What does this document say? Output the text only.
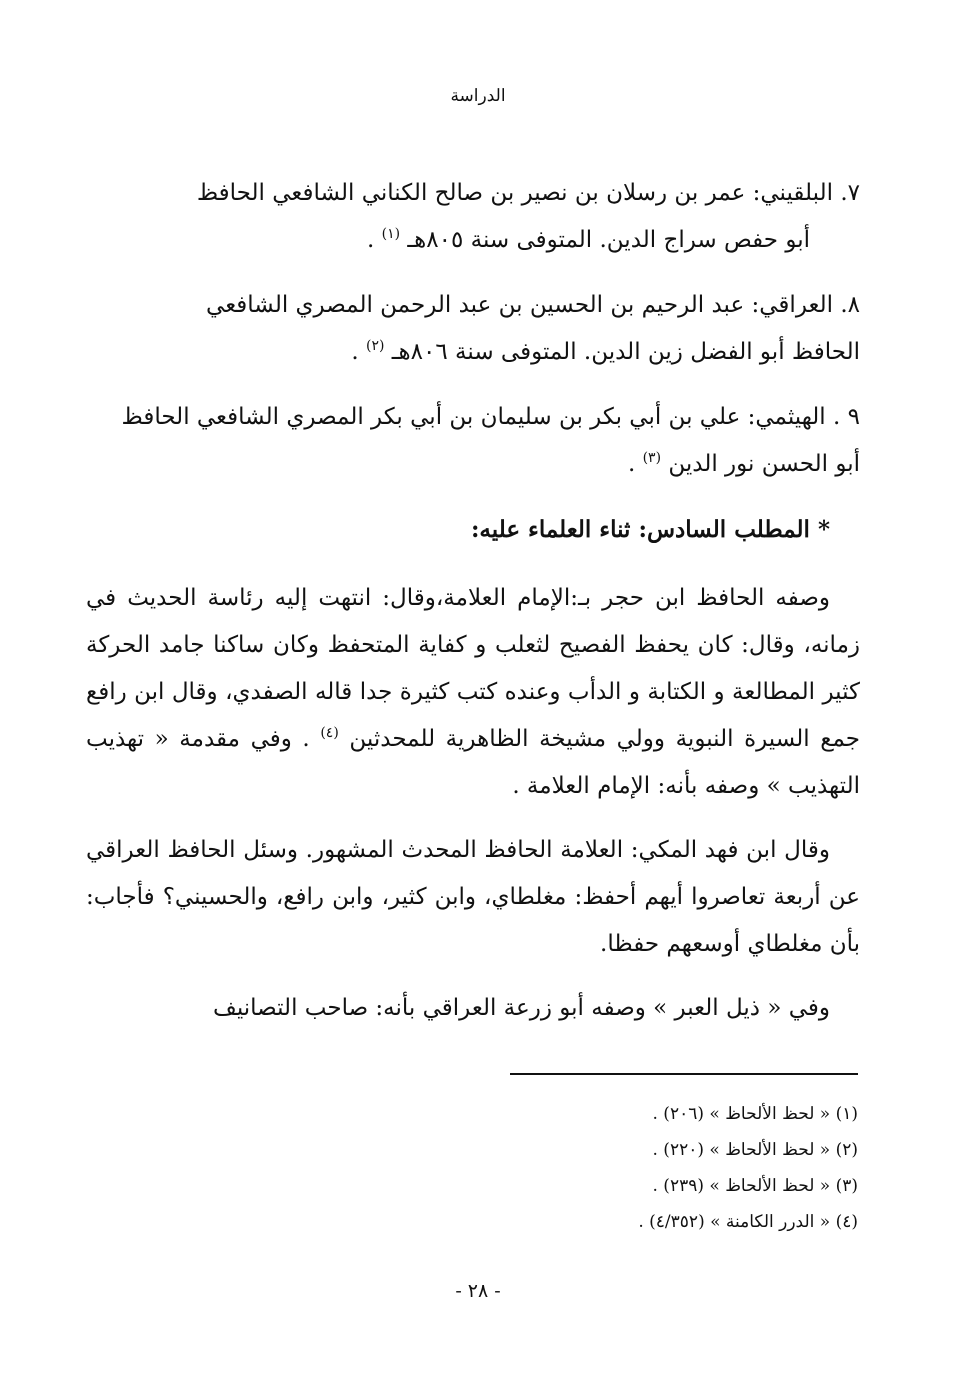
الدراسة
٧. البلقيني: عمر بن رسلان بن نصير بن صالح الكناني الشافعي الحافظ
أبو حفص سراج الدين. المتوفى سنة ٨٠٥هـ $^{(١)}$ .
٨. العراقي: عبد الرحيم بن الحسين بن عبد الرحمن المصري الشافعي
الحافظ أبو الفضل زين الدين. المتوفى سنة ٨٠٦هـ $^{(٢)}$ .
٩ . الهيثمي: علي بن أبي بكر بن سليمان بن أبي بكر المصري الشافعي الحافظ
أبو الحسن نور الدين $^{(٣)}$ .
* المطلب السادس: ثناء العلماء عليه:
وصفه الحافظ ابن حجر بـ:الإمام العلامة،وقال: انتهت إليه رئاسة الحديث في زمانه، وقال: كان يحفظ الفصيح لثعلب و كفاية المتحفظ وكان ساكنا جامد الحركة كثير المطالعة و الكتابة و الدأب وعنده كتب كثيرة جدا قاله الصفدي، وقال ابن رافع جمع السيرة النبوية وولي مشيخة الظاهرية للمحدثين $^{(٤)}$ . وفي مقدمة « تهذيب التهذيب » وصفه بأنه: الإمام العلامة .
وقال ابن فهد المكي: العلامة الحافظ المحدث المشهور. وسئل الحافظ العراقي عن أربعة تعاصروا أيهم أحفظ: مغلطاي، وابن كثير، وابن رافع، والحسيني؟ فأجاب: بأن مغلطاي أوسعهم حفظا.
وفي « ذيل العبر » وصفه أبو زرعة العراقي بأنه: صاحب التصانيف
(١) « لحظ الألحاظ » (٢٠٦) .
(٢) « لحظ الألحاظ » (٢٢٠) .
(٣) « لحظ الألحاظ » (٢٣٩) .
(٤) « الدرر الكامنة » (٤/٣٥٢) .
- ٢٨ -
